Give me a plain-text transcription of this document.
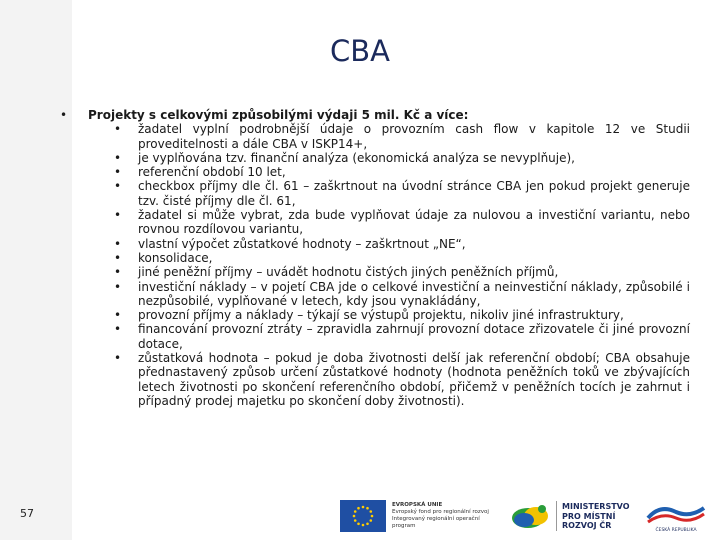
CBA
• Projekty s celkovými způsobilými výdaji 5 mil. Kč a více:
• žadatel vyplní podrobnější údaje o provozním cash flow v kapitole 12 ve Studii proveditelnosti a dále CBA v ISKP14+,
• je vyplňována tzv. finanční analýza (ekonomická analýza se nevyplňuje),
• referenční období 10 let,
• checkbox příjmy dle čl. 61 – zaškrtnout na úvodní stránce CBA jen pokud projekt generuje tzv. čisté příjmy dle čl. 61,
• žadatel si může vybrat, zda bude vyplňovat údaje za nulovou a investiční variantu, nebo rovnou rozdílovou variantu,
• vlastní výpočet zůstatkové hodnoty – zaškrtnout „NE“,
• konsolidace,
• jiné peněžní příjmy – uvádět hodnotu čistých jiných peněžních příjmů,
• investiční náklady – v pojetí CBA jde o celkové investiční a neinvestiční náklady, způsobilé i nezpůsobilé, vyplňované v letech, kdy jsou vynakládány,
• provozní příjmy a náklady – týkají se výstupů projektu, nikoliv jiné infrastruktury,
• financování provozní ztráty – zpravidla zahrnují provozní dotace zřizovatele či jiné provozní dotace,
• zůstatková hodnota – pokud je doba životnosti delší jak referenční období; CBA obsahuje přednastavený způsob určení zůstatkové hodnoty (hodnota peněžních toků ve zbývajících letech životnosti po skončení referenčního období, přičemž v peněžních tocích je zahrnut i případný prodej majetku po skončení doby životnosti).
57
EVROPSKÁ UNIE
Evropský fond pro regionální rozvoj
Integrovaný regionální operační program
MINISTERSTVO
PRO MÍSTNÍ
ROZVOJ ČR
ČESKÁ REPUBLIKA
